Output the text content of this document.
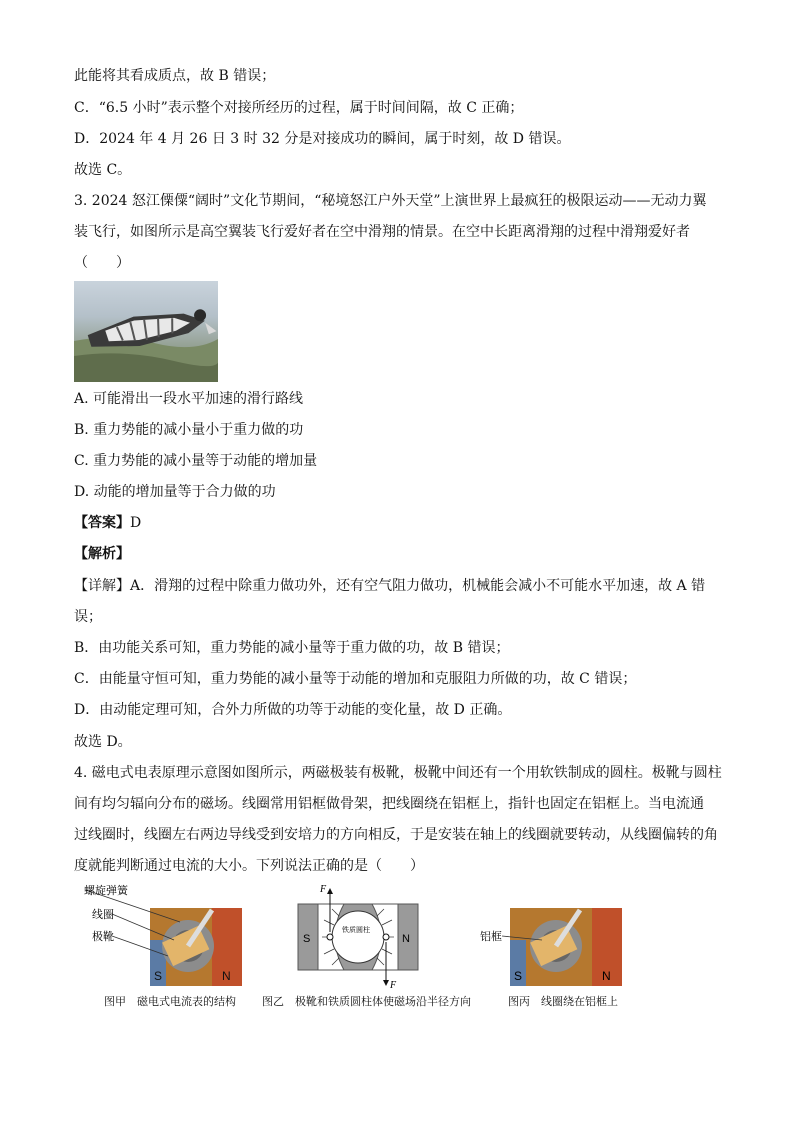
此能将其看成质点，故 B 错误；
C．“6.5 小时”表示整个对接所经历的过程，属于时间间隔，故 C 正确；
D．2024 年 4 月 26 日 3 时 32 分是对接成功的瞬间，属于时刻，故 D 错误。
故选 C。
3. 2024 怒江傈僳“阔时”文化节期间，“秘境怒江户外天堂”上演世界上最疯狂的极限运动——无动力翼
装飞行，如图所示是高空翼装飞行爱好者在空中滑翔的情景。在空中长距离滑翔的过程中滑翔爱好者
（　　）
A. 可能滑出一段水平加速的滑行路线
B. 重力势能的减小量小于重力做的功
C. 重力势能的减小量等于动能的增加量
D. 动能的增加量等于合力做的功
【答案】D
【解析】
【详解】A．滑翔的过程中除重力做功外，还有空气阻力做功，机械能会减小不可能水平加速，故 A 错
误；
B．由功能关系可知，重力势能的减小量等于重力做的功，故 B 错误；
C．由能量守恒可知，重力势能的减小量等于动能的增加和克服阻力所做的功，故 C 错误；
D．由动能定理可知，合外力所做的功等于动能的变化量，故 D 正确。
故选 D。
4. 磁电式电表原理示意图如图所示，两磁极装有极靴，极靴中间还有一个用软铁制成的圆柱。极靴与圆柱
间有均匀辐向分布的磁场。线圈常用铝框做骨架，把线圈绕在铝框上，指针也固定在铝框上。当电流通
过线圈时，线圈左右两边导线受到安培力的方向相反，于是安装在轴上的线圈就要转动，从线圈偏转的角
度就能判断通过电流的大小。下列说法正确的是（　　）
螺旋弹簧
线圈
极靴
S	N
图甲　磁电式电流表的结构
F
F
S	N
铁质圆柱
图乙　极靴和铁质圆柱体使磁场沿半径方向
铝框
S	N
图丙　线圈绕在铝框上
